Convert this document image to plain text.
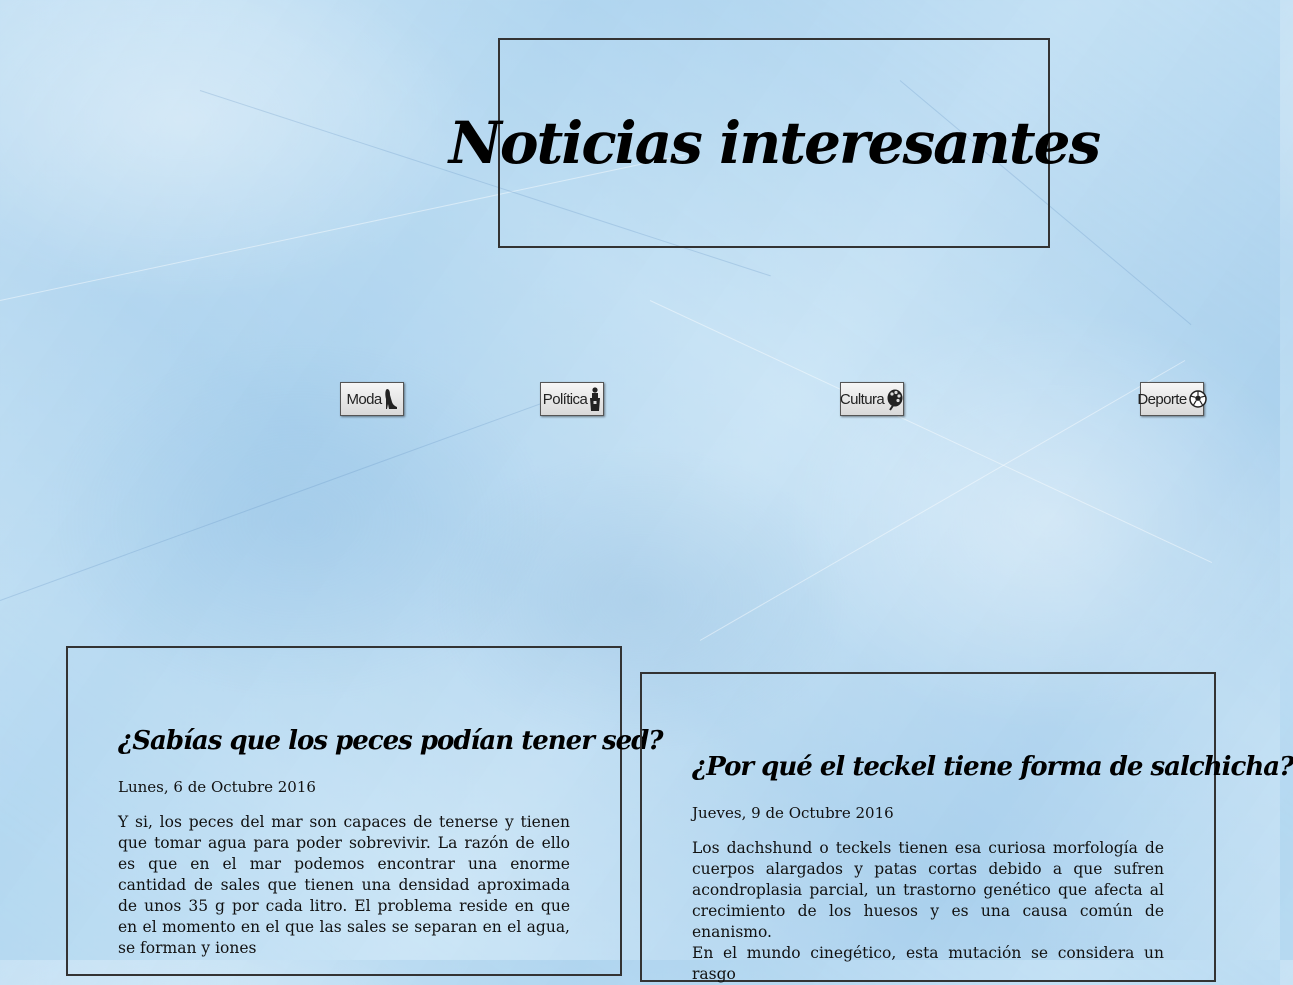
Noticias interesantes
Moda	Política	Cultura	Deporte
¿Sabías que los peces podían tener sed?

Lunes, 6 de Octubre 2016

Y si, los peces del mar son capaces de tenerse y tienen que tomar agua para poder sobrevivir. La razón de ello es que en el mar podemos encontrar una enorme cantidad de sales que tienen una densidad aproximada de unos 35 g por cada litro. El problema reside en que en el momento en el que las sales se separan en el agua, se forman y iones

¿Por qué el teckel tiene forma de salchicha?

Jueves, 9 de Octubre 2016

Los dachshund o teckels tienen esa curiosa morfología de cuerpos alargados y patas cortas debido a que sufren acondroplasia parcial, un trastorno genético que afecta al crecimiento de los huesos y es una causa común de enanismo.

En el mundo cinegético, esta mutación se considera un rasgo
